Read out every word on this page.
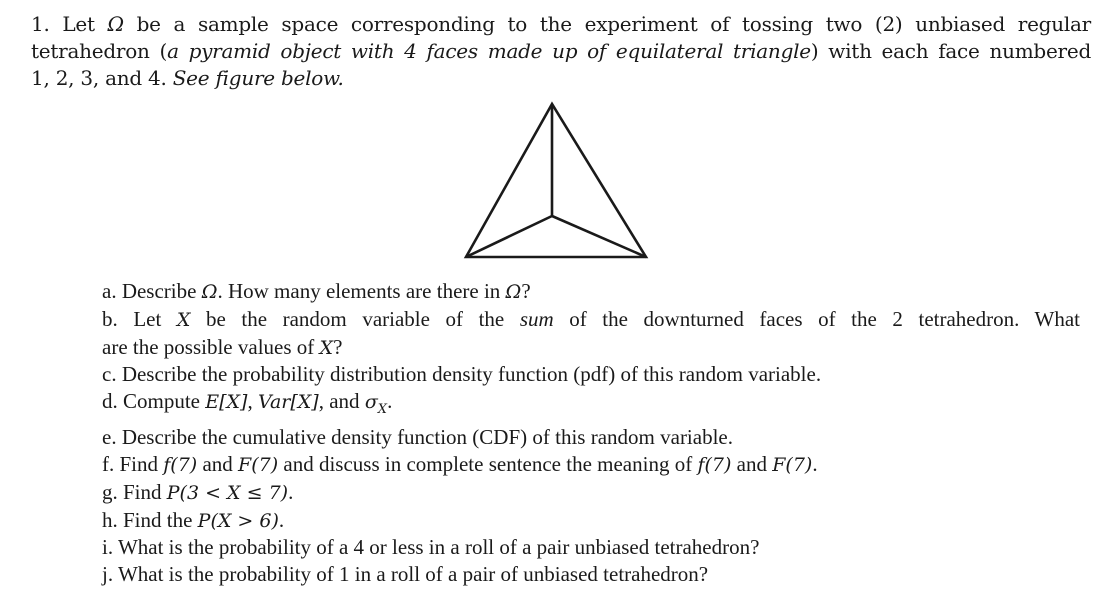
1. Let Ω be a sample space corresponding to the experiment of tossing two (2) unbiased regular
tetrahedron (a pyramid object with 4 faces made up of equilateral triangle) with each face numbered
1, 2, 3, and 4. See figure below.
a. Describe Ω. How many elements are there in Ω?
b. Let X be the random variable of the sum of the downturned faces of the 2 tetrahedron. What
are the possible values of X?
c. Describe the probability distribution density function (pdf) of this random variable.
d. Compute E[X], Var[X], and $\sigma_X$.
e. Describe the cumulative density function (CDF) of this random variable.
f. Find f(7) and F(7) and discuss in complete sentence the meaning of f(7) and F(7).
g. Find P(3 < X ≤ 7).
h. Find the P(X > 6).
i. What is the probability of a 4 or less in a roll of a pair unbiased tetrahedron?
j. What is the probability of 1 in a roll of a pair of unbiased tetrahedron?
